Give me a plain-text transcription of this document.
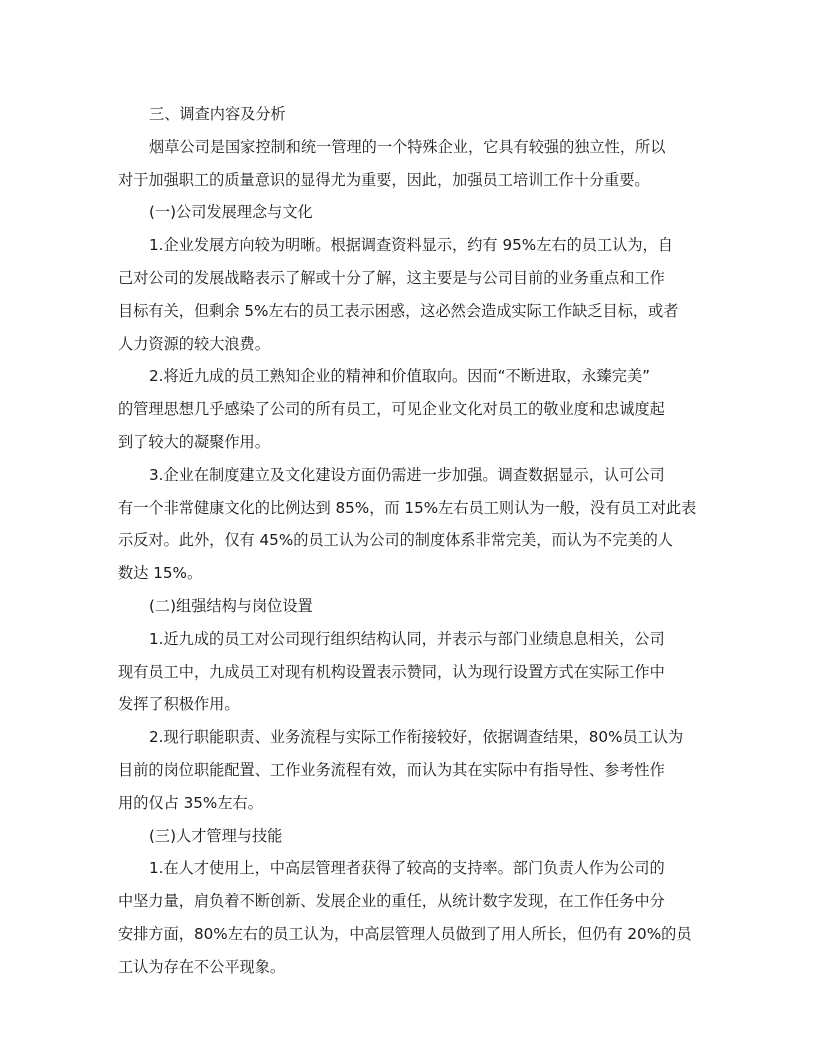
三、调查内容及分析
烟草公司是国家控制和统一管理的一个特殊企业，它具有较强的独立性，所以
对于加强职工的质量意识的显得尤为重要，因此，加强员工培训工作十分重要。
(一)公司发展理念与文化
1.企业发展方向较为明晰。根据调查资料显示，约有 95%左右的员工认为，自
己对公司的发展战略表示了解或十分了解，这主要是与公司目前的业务重点和工作
目标有关，但剩余 5%左右的员工表示困惑，这必然会造成实际工作缺乏目标，或者
人力资源的较大浪费。
2.将近九成的员工熟知企业的精神和价值取向。因而“不断进取，永臻完美”
的管理思想几乎感染了公司的所有员工，可见企业文化对员工的敬业度和忠诚度起
到了较大的凝聚作用。
3.企业在制度建立及文化建设方面仍需进一步加强。调查数据显示，认可公司
有一个非常健康文化的比例达到 85%，而 15%左右员工则认为一般，没有员工对此表
示反对。此外，仅有 45%的员工认为公司的制度体系非常完美，而认为不完美的人
数达 15%。
(二)组强结构与岗位设置
1.近九成的员工对公司现行组织结构认同，并表示与部门业绩息息相关，公司
现有员工中，九成员工对现有机构设置表示赞同，认为现行设置方式在实际工作中
发挥了积极作用。
2.现行职能职责、业务流程与实际工作衔接较好，依据调查结果，80%员工认为
目前的岗位职能配置、工作业务流程有效，而认为其在实际中有指导性、参考性作
用的仅占 35%左右。
(三)人才管理与技能
1.在人才使用上，中高层管理者获得了较高的支持率。部门负责人作为公司的
中坚力量，肩负着不断创新、发展企业的重任，从统计数字发现，在工作任务中分
安排方面，80%左右的员工认为，中高层管理人员做到了用人所长，但仍有 20%的员
工认为存在不公平现象。
